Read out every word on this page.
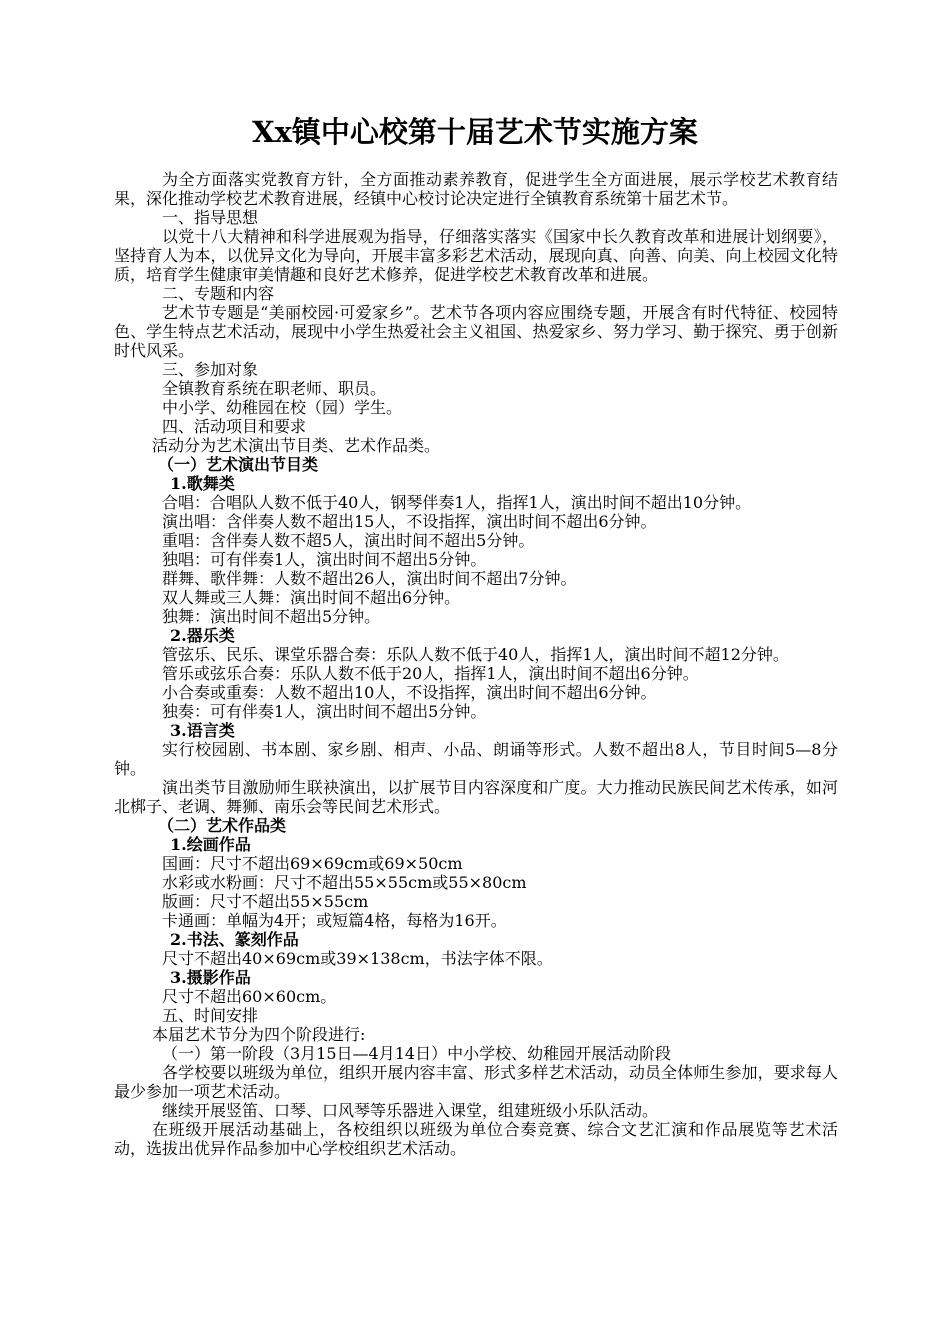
Xx镇中心校第十届艺术节实施方案

为全方面落实党教育方针，全方面推动素养教育，促进学生全方面进展，展示学校艺术教育结果，深化推动学校艺术教育进展，经镇中心校讨论决定进行全镇教育系统第十届艺术节。

一、指导思想

以党十八大精神和科学进展观为指导，仔细落实落实《国家中长久教育改革和进展计划纲要》，坚持育人为本，以优异文化为导向，开展丰富多彩艺术活动，展现向真、向善、向美、向上校园文化特质，培育学生健康审美情趣和良好艺术修养，促进学校艺术教育改革和进展。

二、专题和内容

艺术节专题是“美丽校园·可爱家乡”。艺术节各项内容应围绕专题，开展含有时代特征、校园特色、学生特点艺术活动，展现中小学生热爱社会主义祖国、热爱家乡、努力学习、勤于探究、勇于创新时代风采。

三、参加对象

全镇教育系统在职老师、职员。

中小学、幼稚园在校（园）学生。

四、活动项目和要求

活动分为艺术演出节目类、艺术作品类。

（一）艺术演出节目类

1.歌舞类

合唱：合唱队人数不低于40人，钢琴伴奏1人，指挥1人，演出时间不超出10分钟。

演出唱：含伴奏人数不超出15人，不设指挥，演出时间不超出6分钟。

重唱：含伴奏人数不超5人，演出时间不超出5分钟。

独唱：可有伴奏1人，演出时间不超出5分钟。

群舞、歌伴舞：人数不超出26人，演出时间不超出7分钟。

双人舞或三人舞：演出时间不超出6分钟。

独舞：演出时间不超出5分钟。

2.器乐类

管弦乐、民乐、课堂乐器合奏：乐队人数不低于40人，指挥1人，演出时间不超12分钟。

管乐或弦乐合奏：乐队人数不低于20人，指挥1人，演出时间不超出6分钟。

小合奏或重奏：人数不超出10人，不设指挥，演出时间不超出6分钟。

独奏：可有伴奏1人，演出时间不超出5分钟。

3.语言类

实行校园剧、书本剧、家乡剧、相声、小品、朗诵等形式。人数不超出8人，节目时间5—8分钟。

演出类节目激励师生联袂演出，以扩展节目内容深度和广度。大力推动民族民间艺术传承，如河北梆子、老调、舞狮、南乐会等民间艺术形式。

（二）艺术作品类

1.绘画作品

国画：尺寸不超出69×69cm或69×50cm

水彩或水粉画：尺寸不超出55×55cm或55×80cm

版画：尺寸不超出55×55cm

卡通画：单幅为4开；或短篇4格，每格为16开。

2.书法、篆刻作品

尺寸不超出40×69cm或39×138cm，书法字体不限。

3.摄影作品

尺寸不超出60×60cm。

五、时间安排

本届艺术节分为四个阶段进行:

（一）第一阶段（3月15日—4月14日）中小学校、幼稚园开展活动阶段

各学校要以班级为单位，组织开展内容丰富、形式多样艺术活动，动员全体师生参加，要求每人最少参加一项艺术活动。

继续开展竖笛、口琴、口风琴等乐器进入课堂，组建班级小乐队活动。

在班级开展活动基础上，各校组织以班级为单位合奏竞赛、综合文艺汇演和作品展览等艺术活动，选拔出优异作品参加中心学校组织艺术活动。
